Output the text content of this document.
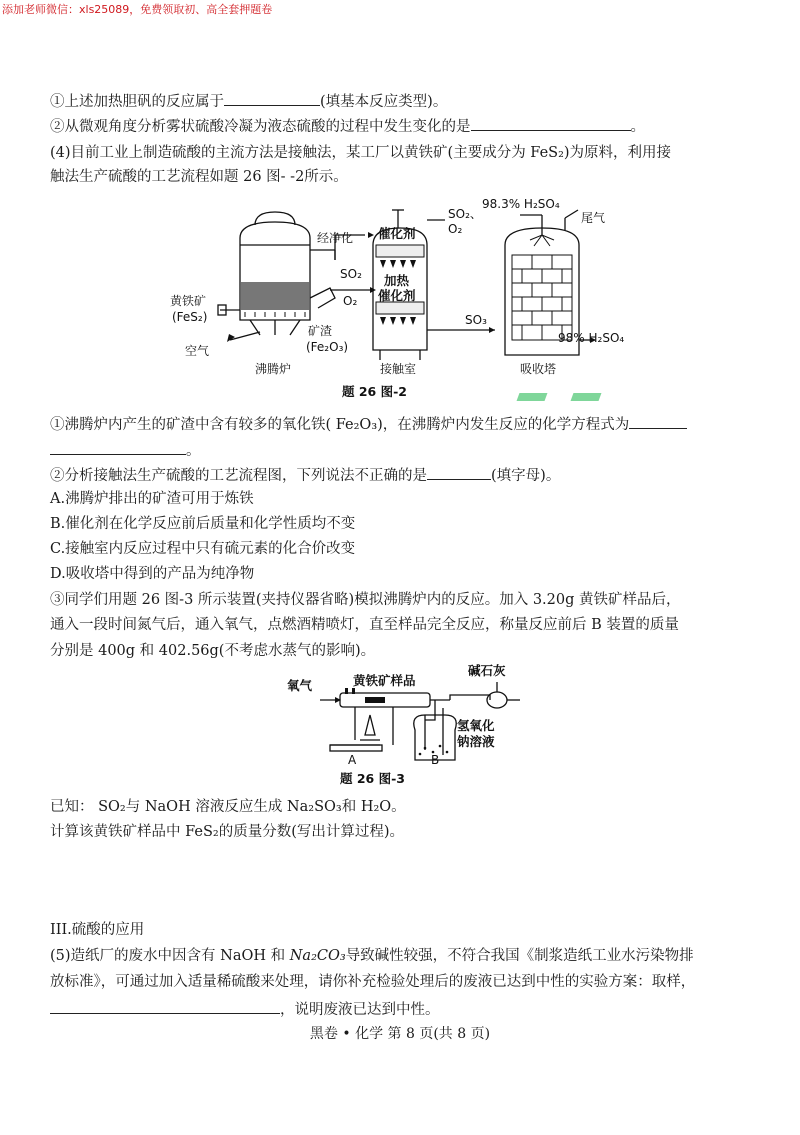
添加老师微信：xls25089，免费领取初、高全套押题卷
①上述加热胆矾的反应属于	(填基本反应类型)。
②从微观角度分析雾状硫酸冷凝为液态硫酸的过程中发生变化的是	。
(4)目前工业上制造硫酸的主流方法是接触法，某工厂以黄铁矿(主要成分为 FeS₂)为原料，利用接
触法生产硫酸的工艺流程如题 26 图- -2所示。
经净化
SO₂
O₂
黄铁矿
(FeS₂)
空气
矿渣
(Fe₂O₃)
沸腾炉
催化剂
加热
催化剂
接触室
SO₂、
O₂
SO₃
98.3% H₂SO₄
尾气
98% H₂SO₄
吸收塔
题 26 图-2
①沸腾炉内产生的矿渣中含有较多的氧化铁( Fe₂O₃)，在沸腾炉内发生反应的化学方程式为
。
②分析接触法生产硫酸的工艺流程图，下列说法不正确的是	(填字母)。
A.沸腾炉排出的矿渣可用于炼铁
B.催化剂在化学反应前后质量和化学性质均不变
C.接触室内反应过程中只有硫元素的化合价改变
D.吸收塔中得到的产品为纯净物
③同学们用题 26 图-3 所示装置(夹持仪器省略)模拟沸腾炉内的反应。加入 3.20g 黄铁矿样品后，
通入一段时间氮气后，通入氧气，点燃酒精喷灯，直至样品完全反应，称量反应前后 B 装置的质量
分别是 400g 和 402.56g(不考虑水蒸气的影响)。
氧气	黄铁矿样品
碱石灰
氢氧化
钠溶液
A	B
题 26 图-3
已知： SO₂与 NaOH 溶液反应生成 Na₂SO₃和 H₂O。
计算该黄铁矿样品中 FeS₂的质量分数(写出计算过程)。
III.硫酸的应用
(5)造纸厂的废水中因含有 NaOH 和 Na₂CO₃导致碱性较强，不符合我国《制浆造纸工业水污染物排
放标准》，可通过加入适量稀硫酸来处理，请你补充检验处理后的废液已达到中性的实验方案：取样，
，说明废液已达到中性。
黑卷 • 化学 第 8 页(共 8 页)
